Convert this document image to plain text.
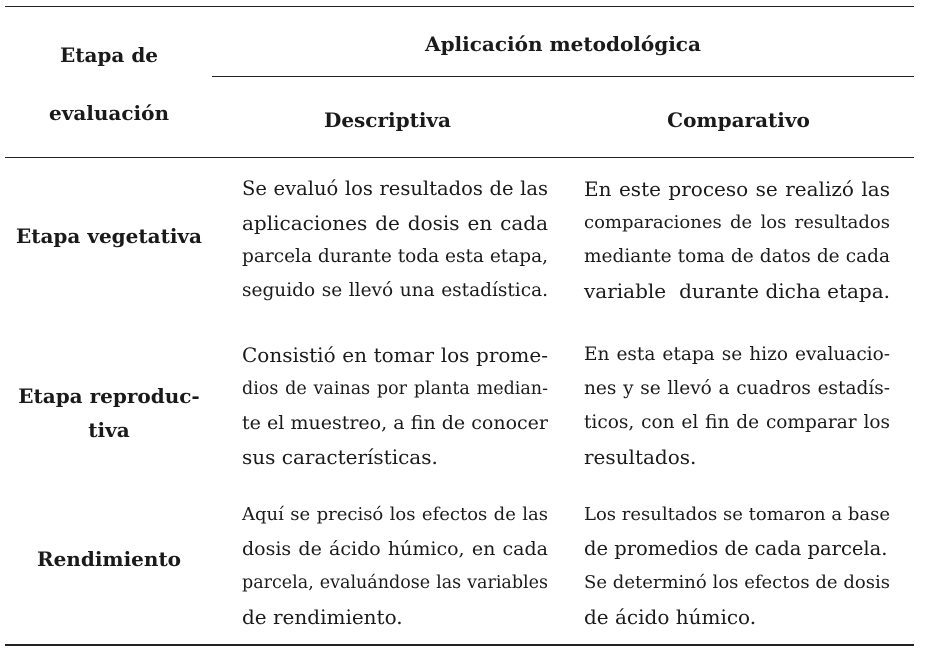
Etapa de
evaluación
Aplicación metodológica
Descriptiva	Comparativo
Etapa vegetativa
Se evaluó los resultados de las
aplicaciones de dosis en cada
parcela durante toda esta etapa,
seguido se llevó una estadística.
En este proceso se realizó las
comparaciones de los resultados
mediante toma de datos de cada
variable  durante dicha etapa.
Etapa reproduc-
tiva
Consistió en tomar los prome-
dios de vainas por planta median-
te el muestreo, a fin de conocer
sus características.
En esta etapa se hizo evaluacio-
nes y se llevó a cuadros estadís-
ticos, con el fin de comparar los
resultados.
Rendimiento
Aquí se precisó los efectos de las
dosis de ácido húmico, en cada
parcela, evaluándose las variables
de rendimiento.
Los resultados se tomaron a base
de promedios de cada parcela.
Se determinó los efectos de dosis
de ácido húmico.
